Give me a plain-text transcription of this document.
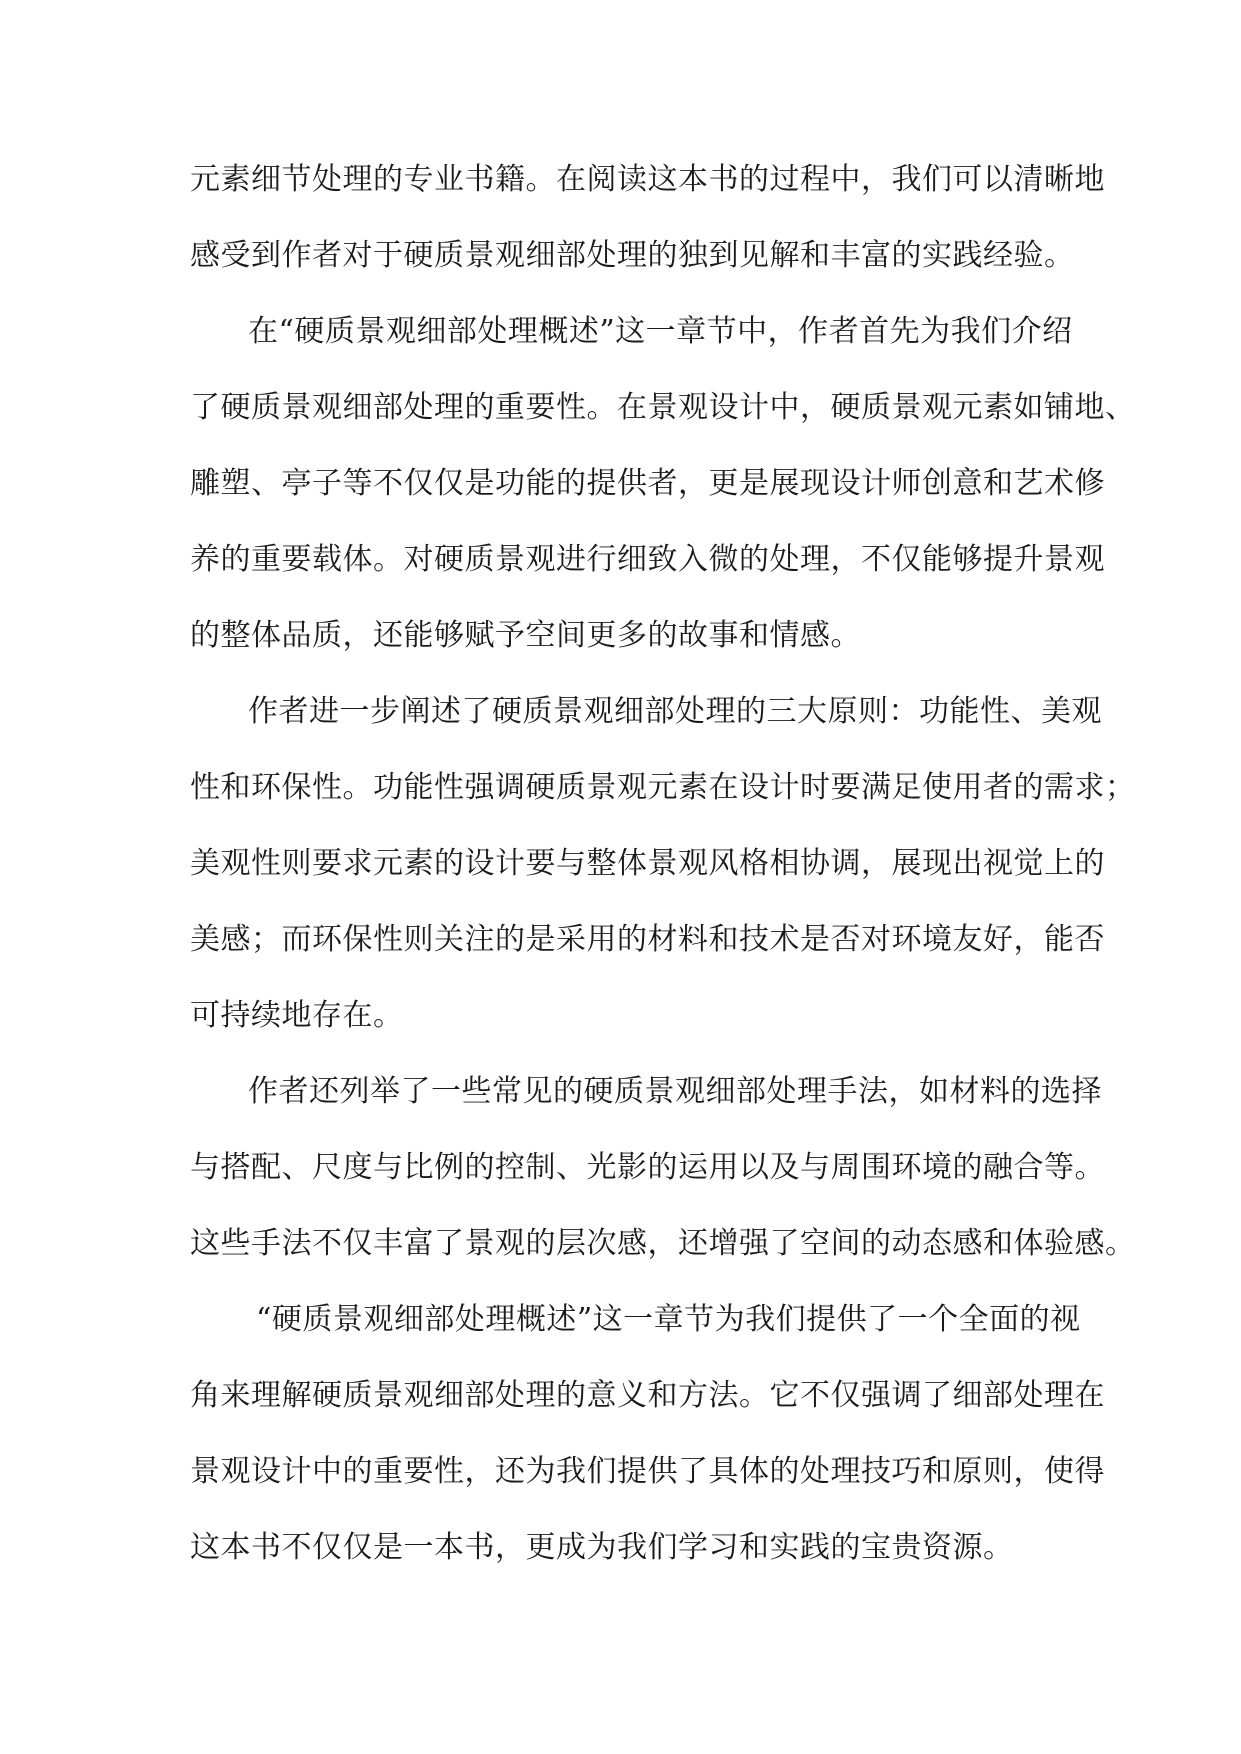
元素细节处理的专业书籍。在阅读这本书的过程中，我们可以清晰地
感受到作者对于硬质景观细部处理的独到见解和丰富的实践经验。
在“硬质景观细部处理概述”这一章节中，作者首先为我们介绍
了硬质景观细部处理的重要性。在景观设计中，硬质景观元素如铺地、
雕塑、亭子等不仅仅是功能的提供者，更是展现设计师创意和艺术修
养的重要载体。对硬质景观进行细致入微的处理，不仅能够提升景观
的整体品质，还能够赋予空间更多的故事和情感。
作者进一步阐述了硬质景观细部处理的三大原则：功能性、美观
性和环保性。功能性强调硬质景观元素在设计时要满足使用者的需求；
美观性则要求元素的设计要与整体景观风格相协调，展现出视觉上的
美感；而环保性则关注的是采用的材料和技术是否对环境友好，能否
可持续地存在。
作者还列举了一些常见的硬质景观细部处理手法，如材料的选择
与搭配、尺度与比例的控制、光影的运用以及与周围环境的融合等。
这些手法不仅丰富了景观的层次感，还增强了空间的动态感和体验感。
“硬质景观细部处理概述”这一章节为我们提供了一个全面的视
角来理解硬质景观细部处理的意义和方法。它不仅强调了细部处理在
景观设计中的重要性，还为我们提供了具体的处理技巧和原则，使得
这本书不仅仅是一本书，更成为我们学习和实践的宝贵资源。
